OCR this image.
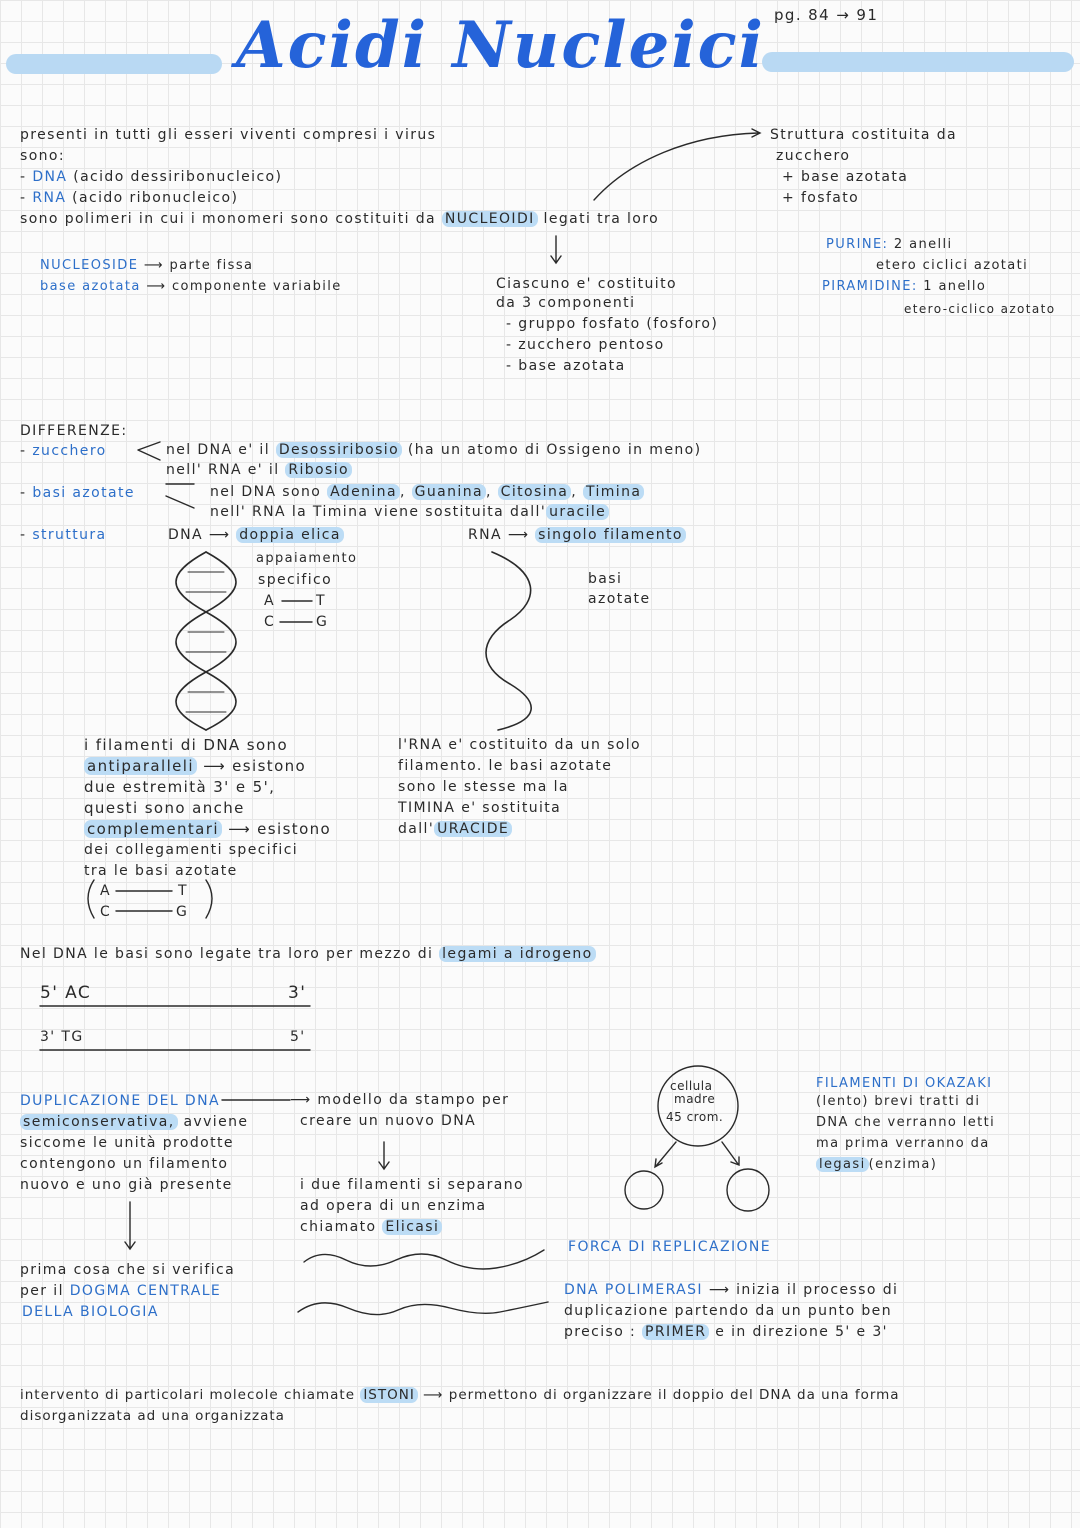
Acidi Nucleici pg. 84 → 91
presenti in tutti gli esseri viventi compresi i virus
sono:
- DNA (acido dessiribonucleico)
- RNA (acido ribonucleico)
sono polimeri in cui i monomeri sono costituiti da NUCLEOIDI legati tra loro
Struttura costituita da
zucchero
+ base azotata
+ fosfato
PURINE: 2 anelli
etero ciclici azotati
PIRAMIDINE: 1 anello
etero-ciclico azotato
NUCLEOSIDE ⟶ parte fissa
base azotata ⟶ componente variabile	Ciascuno e' costituito
da 3 componenti
- gruppo fosfato (fosforo)
- zucchero pentoso
- base azotata
DIFFERENZE:
- zucchero	nel DNA e' il Desossiribosio (ha un atomo di Ossigeno in meno)
nell' RNA e' il Ribosio
- basi azotate	nel DNA sono Adenina , Guanina , Citosina , Timina
nell' RNA la Timina viene sostituita dall' uracile
- struttura	DNA ⟶ doppia elica	RNA ⟶ singolo filamento
appaiamento
specifico
A	T
C	G
basi
azotate
i filamenti di DNA sono
antiparalleli ⟶ esistono
due estremità 3' e 5',
questi sono anche
complementari ⟶ esistono
dei collegamenti specifici
tra le basi azotate
A	T
C	G
l'RNA e' costituito da un solo
filamento. le basi azotate
sono le stesse ma la
TIMINA e' sostituita
dall' URACIDE
Nel DNA le basi sono legate tra loro per mezzo di legami a idrogeno
5' AC	3'
3' TG	5'
DUPLICAZIONE DEL DNA
semiconservativa, avviene
siccome le unità prodotte
contengono un filamento
nuovo e uno già presente
⟶ modello da stampo per
creare un nuovo DNA
i due filamenti si separano
ad opera di un enzima
chiamato Elicasi
prima cosa che si verifica
per il DOGMA CENTRALE
DELLA BIOLOGIA
cellula
madre
45 crom.
FORCA DI REPLICAZIONE
DNA POLIMERASI ⟶ inizia il processo di
duplicazione partendo da un punto ben
preciso : PRIMER e in direzione 5' e 3'
FILAMENTI DI OKAZAKI
(lento) brevi tratti di
DNA che verranno letti
ma prima verranno da
legasi (enzima)
intervento di particolari molecole chiamate ISTONI ⟶ permettono di organizzare il doppio del DNA da una forma
disorganizzata ad una organizzata
